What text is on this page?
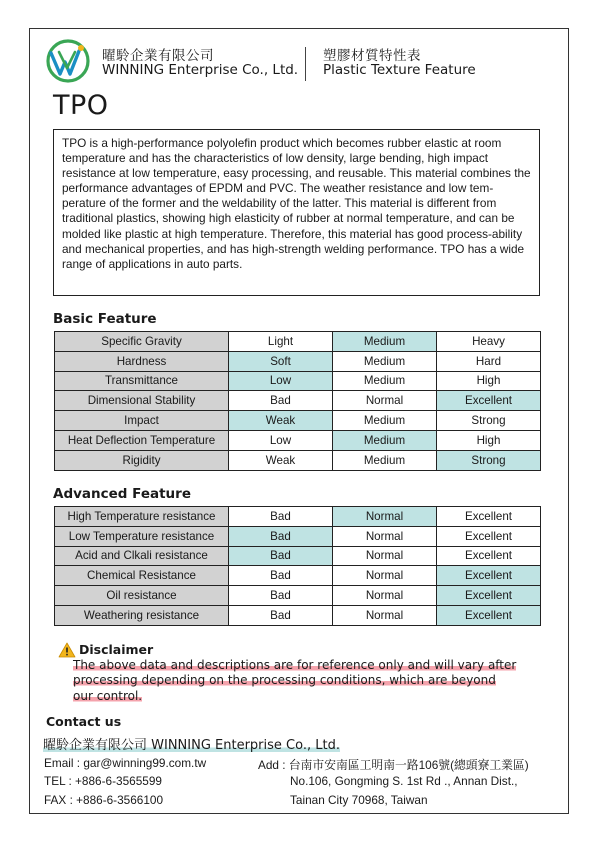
曜駖企業有限公司
WINNING Enterprise Co., Ltd.
塑膠材質特性表
Plastic Texture Feature
TPO

TPO is a high-performance polyolefin product which becomes rubber elastic at room temperature and has the characteristics of low density, large bending, high impact resistance at low temperature, easy processing, and reusable. This material combines the performance advantages of EPDM and PVC. The weather resistance and low tem-perature of the former and the weldability of the latter. This material is different from traditional plastics, showing high elasticity of rubber at normal temperature, and can be molded like plastic at high temperature. Therefore, this material has good process-ability and mechanical properties, and has high-strength welding performance. TPO has a wide range of applications in auto parts.

Basic Feature
Specific Gravity	Light	Medium	Heavy
Hardness	Soft	Medium	Hard
Transmittance	Low	Medium	High
Dimensional Stability	Bad	Normal	Excellent
Impact	Weak	Medium	Strong
Heat Deflection Temperature	Low	Medium	High
Rigidity	Weak	Medium	Strong
Advanced Feature
High Temperature resistance	Bad	Normal	Excellent
Low Temperature resistance	Bad	Normal	Excellent
Acid and Clkali resistance	Bad	Normal	Excellent
Chemical Resistance	Bad	Normal	Excellent
Oil resistance	Bad	Normal	Excellent
Weathering resistance	Bad	Normal	Excellent
Disclaimer
The above data and descriptions are for reference only and will vary after
processing depending on the processing conditions, which are beyond
our control.
Contact us
曜駖企業有限公司 WINNING Enterprise Co., Ltd.
Email : gar@winning99.com.tw
TEL : +886-6-3565599
FAX : +886-6-3566100
Add : 台南市安南區工明南一路106號(總頭寮工業區)
No.106, Gongming S. 1st Rd ., Annan Dist.,
Tainan City 70968, Taiwan
